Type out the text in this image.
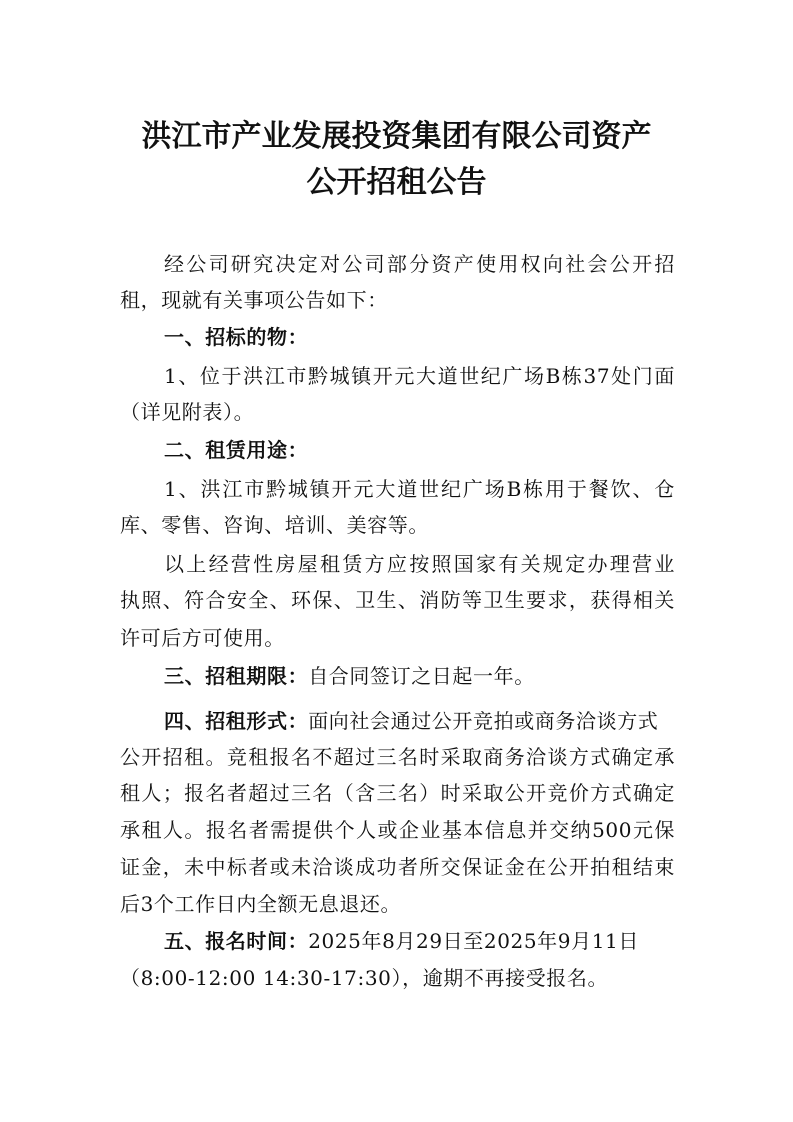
洪江市产业发展投资集团有限公司资产
公开招租公告
经公司研究决定对公司部分资产使用权向社会公开招
租，现就有关事项公告如下：
一、招标的物：
1、位于洪江市黔城镇开元大道世纪广场B栋37处门面
（详见附表）。
二、租赁用途：
1、洪江市黔城镇开元大道世纪广场B栋用于餐饮、仓
库、零售、咨询、培训、美容等。
以上经营性房屋租赁方应按照国家有关规定办理营业
执照、符合安全、环保、卫生、消防等卫生要求，获得相关
许可后方可使用。
三、招租期限：自合同签订之日起一年。
四、招租形式：面向社会通过公开竞拍或商务洽谈方式
公开招租。竞租报名不超过三名时采取商务洽谈方式确定承
租人；报名者超过三名（含三名）时采取公开竞价方式确定
承租人。报名者需提供个人或企业基本信息并交纳500元保
证金，未中标者或未洽谈成功者所交保证金在公开拍租结束
后3个工作日内全额无息退还。
五、报名时间：2025年8月29日至2025年9月11日
（8:00-12:00 14:30-17:30），逾期不再接受报名。
